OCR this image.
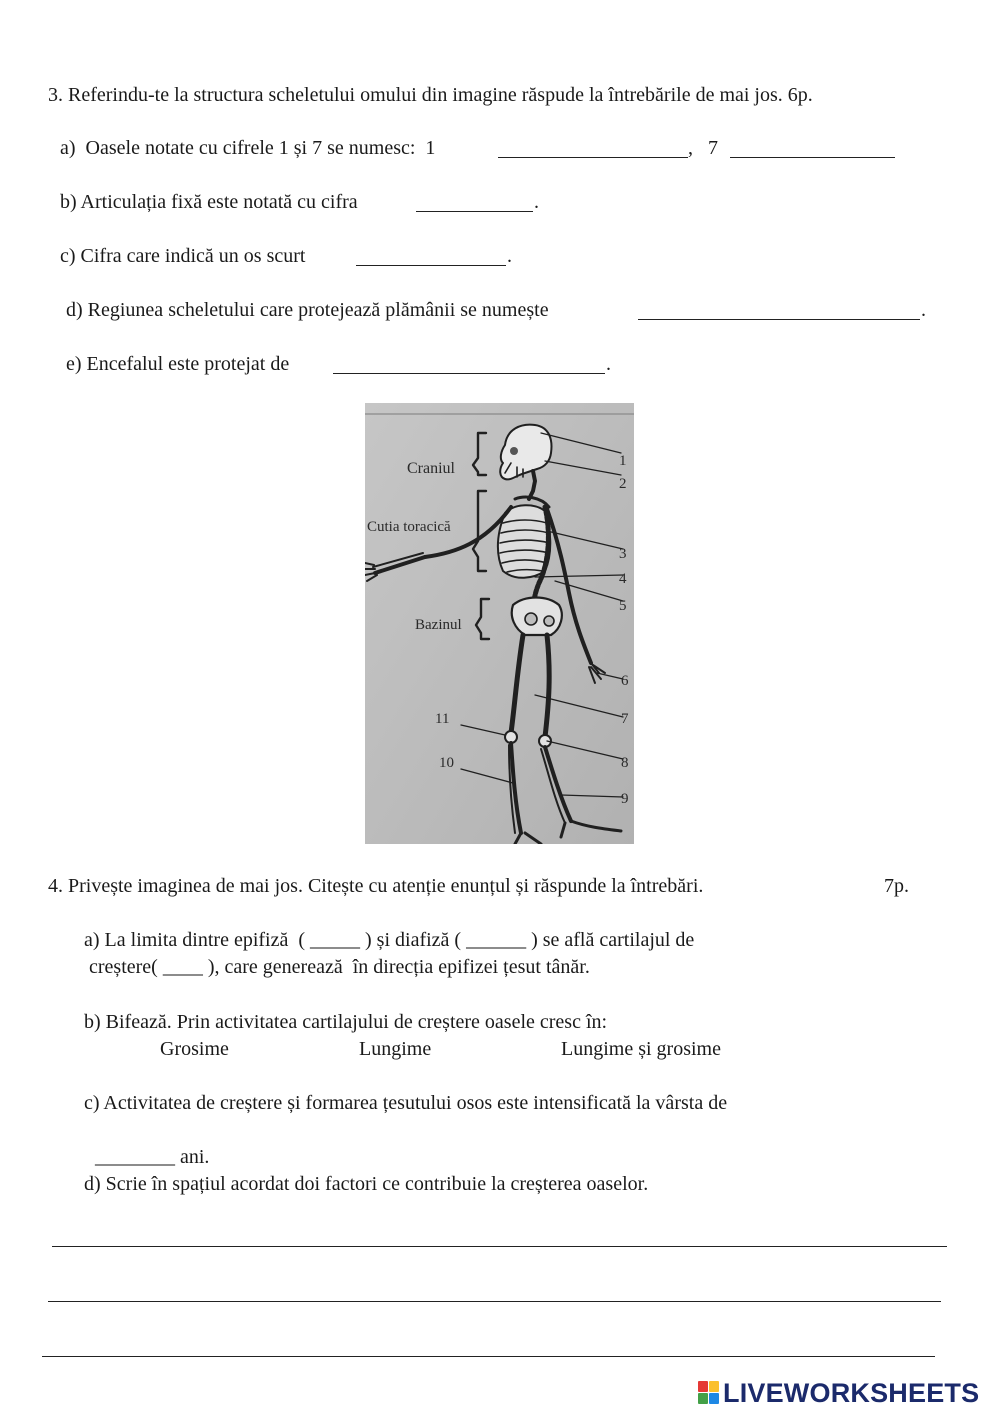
3. Referindu-te la structura scheletului omului din imagine răspude la întrebările de mai jos. 6p.
a)  Oasele notate cu cifrele 1 și 7 se numesc:  1	,   7
b) Articulația fixă este notată cu cifra	.
c) Cifra care indică un os scurt	.
d) Regiunea scheletului care protejează plămânii se numește	.
e) Encefalul este protejat de	.
Craniul
Cutia toracică
Bazinul
1
2
3
4
5
6
7
8
9
10
11
4. Privește imaginea de mai jos. Citește cu atenție enunțul și răspunde la întrebări.	7p.
a) La limita dintre epifiză  ( _____ ) și diafiză ( ______ ) se află cartilajul de
creștere( ____ ), care generează  în direcția epifizei țesut tânăr.
b) Bifează. Prin activitatea cartilajului de creștere oasele cresc în:
Grosime	Lungime	Lungime și grosime
c) Activitatea de creștere și formarea țesutului osos este intensificată la vârsta de
________ ani.
d) Scrie în spațiul acordat doi factori ce contribuie la creșterea oaselor.
LIVEWORKSHEETS
